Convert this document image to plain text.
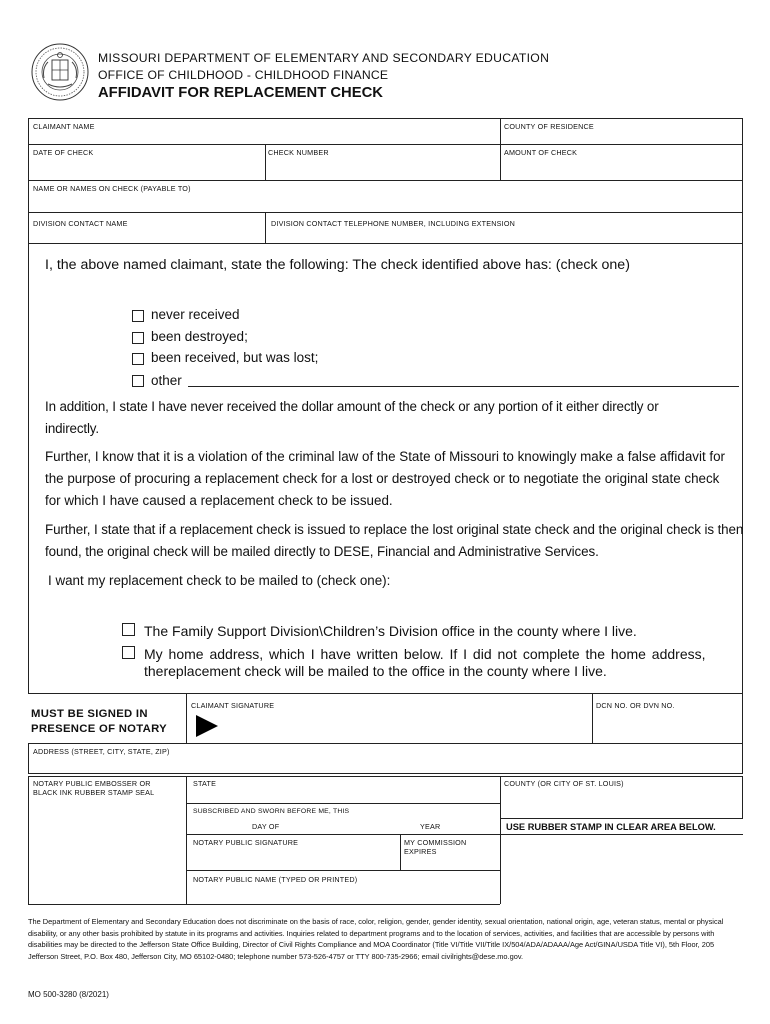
MISSOURI DEPARTMENT OF ELEMENTARY AND SECONDARY EDUCATION
OFFICE OF CHILDHOOD - CHILDHOOD FINANCE
AFFIDAVIT FOR REPLACEMENT CHECK
CLAIMANT NAME	COUNTY OF RESIDENCE
DATE OF CHECK	CHECK NUMBER	AMOUNT OF CHECK
NAME OR NAMES ON CHECK (PAYABLE TO)
DIVISION CONTACT NAME	DIVISION CONTACT TELEPHONE NUMBER, INCLUDING EXTENSION
I, the above named claimant, state the following: The check identified above has: (check one)
never received
been destroyed;
been received, but was lost;
other
In addition, I state I have never received the dollar amount of the check or any portion of it either directly or indirectly.
Further, I know that it is a violation of the criminal law of the State of Missouri to knowingly make a false affidavit for the purpose of procuring a replacement check for a lost or destroyed check or to negotiate the original state check for which I have caused a replacement check to be issued.
Further, I state that if a replacement check is issued to replace the lost original state check and the original check is then found, the original check will be mailed directly to DESE, Financial and Administrative Services.
I want my replacement check to be mailed to (check one):
The Family Support Division\Children’s Division office in the county where I live.
My home address, which I have written below. If I did not complete the home address,
thereplacement check will be mailed to the office in the county where I live.
MUST BE SIGNED IN
PRESENCE OF NOTARY
CLAIMANT SIGNATURE	DCN NO. OR DVN NO.
ADDRESS (STREET, CITY, STATE, ZIP)
NOTARY PUBLIC EMBOSSER OR
BLACK INK RUBBER STAMP SEAL
STATE	COUNTY (OR CITY OF ST. LOUIS)
SUBSCRIBED AND SWORN BEFORE ME, THIS
DAY OF	YEAR	USE RUBBER STAMP IN CLEAR AREA BELOW.
NOTARY PUBLIC SIGNATURE	MY COMMISSION
EXPIRES
NOTARY PUBLIC NAME (TYPED OR PRINTED)
The Department of Elementary and Secondary Education does not discriminate on the basis of race, color, religion, gender, gender identity, sexual orientation, national origin, age, veteran status, mental or physical disability, or any other basis prohibited by statute in its programs and activities. Inquiries related to department programs and to the location of services, activities, and facilities that are accessible by persons with disabilities may be directed to the Jefferson State Office Building, Director of Civil Rights Compliance and MOA Coordinator (Title VI/Title VII/Title IX/504/ADA/ADAAA/Age Act/GINA/USDA Title VI), 5th Floor, 205 Jefferson Street, P.O. Box 480, Jefferson City, MO 65102-0480; telephone number 573-526-4757 or TTY 800-735-2966; email civilrights@dese.mo.gov.
MO 500-3280 (8/2021)
